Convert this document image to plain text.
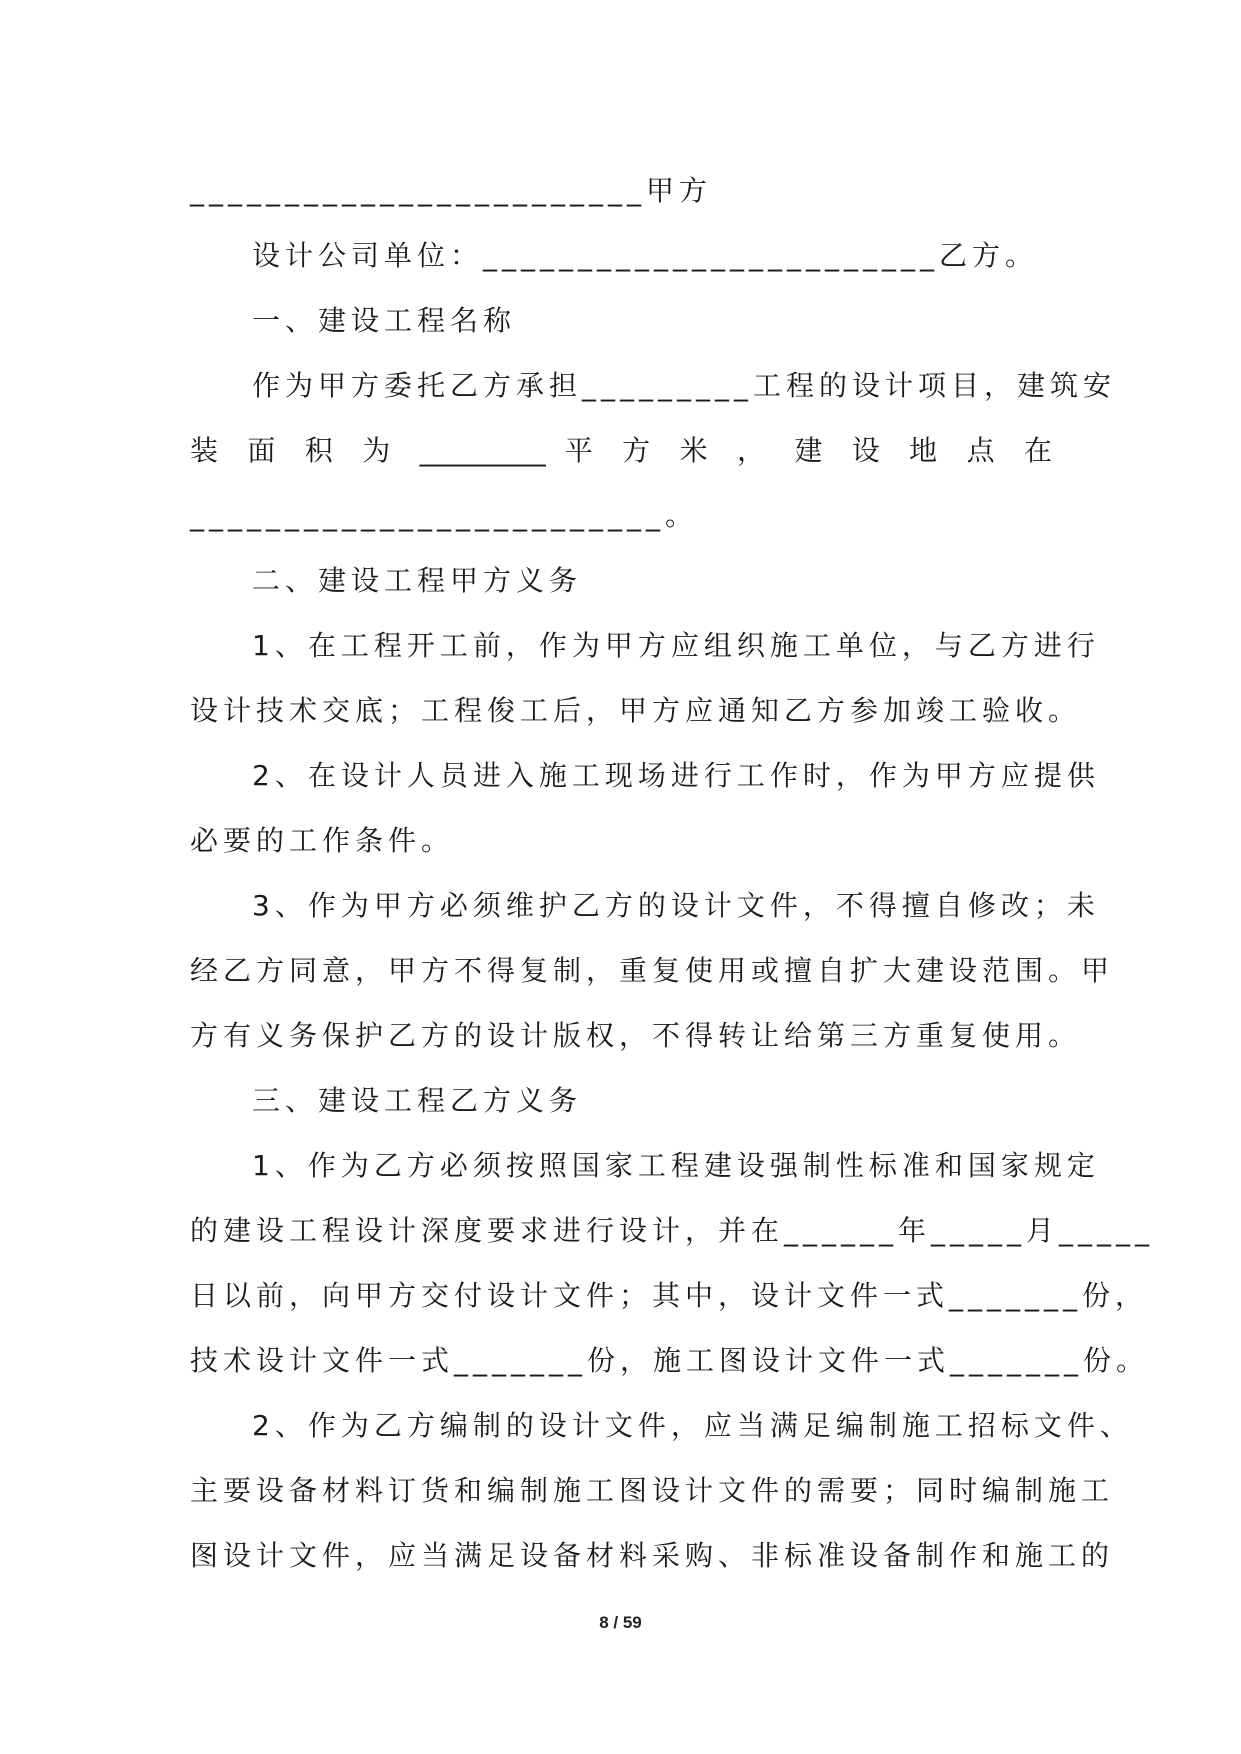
________________________甲方
设计公司单位：________________________乙方。
一、建设工程名称
作为甲方委托乙方承担_________工程的设计项目，建筑安
装 面 积 为 _________ 平 方 米 ， 建 设 地 点 在
_________________________。
二、建设工程甲方义务
1、在工程开工前，作为甲方应组织施工单位，与乙方进行
设计技术交底；工程俊工后，甲方应通知乙方参加竣工验收。
2、在设计人员进入施工现场进行工作时，作为甲方应提供
必要的工作条件。
3、作为甲方必须维护乙方的设计文件，不得擅自修改；未
经乙方同意，甲方不得复制，重复使用或擅自扩大建设范围。甲
方有义务保护乙方的设计版权，不得转让给第三方重复使用。
三、建设工程乙方义务
1、作为乙方必须按照国家工程建设强制性标准和国家规定
的建设工程设计深度要求进行设计，并在______年_____月_____
日以前，向甲方交付设计文件；其中，设计文件一式_______份，
技术设计文件一式_______份，施工图设计文件一式_______份。
2、作为乙方编制的设计文件，应当满足编制施工招标文件、
主要设备材料订货和编制施工图设计文件的需要；同时编制施工
图设计文件，应当满足设备材料采购、非标准设备制作和施工的
8 / 59
